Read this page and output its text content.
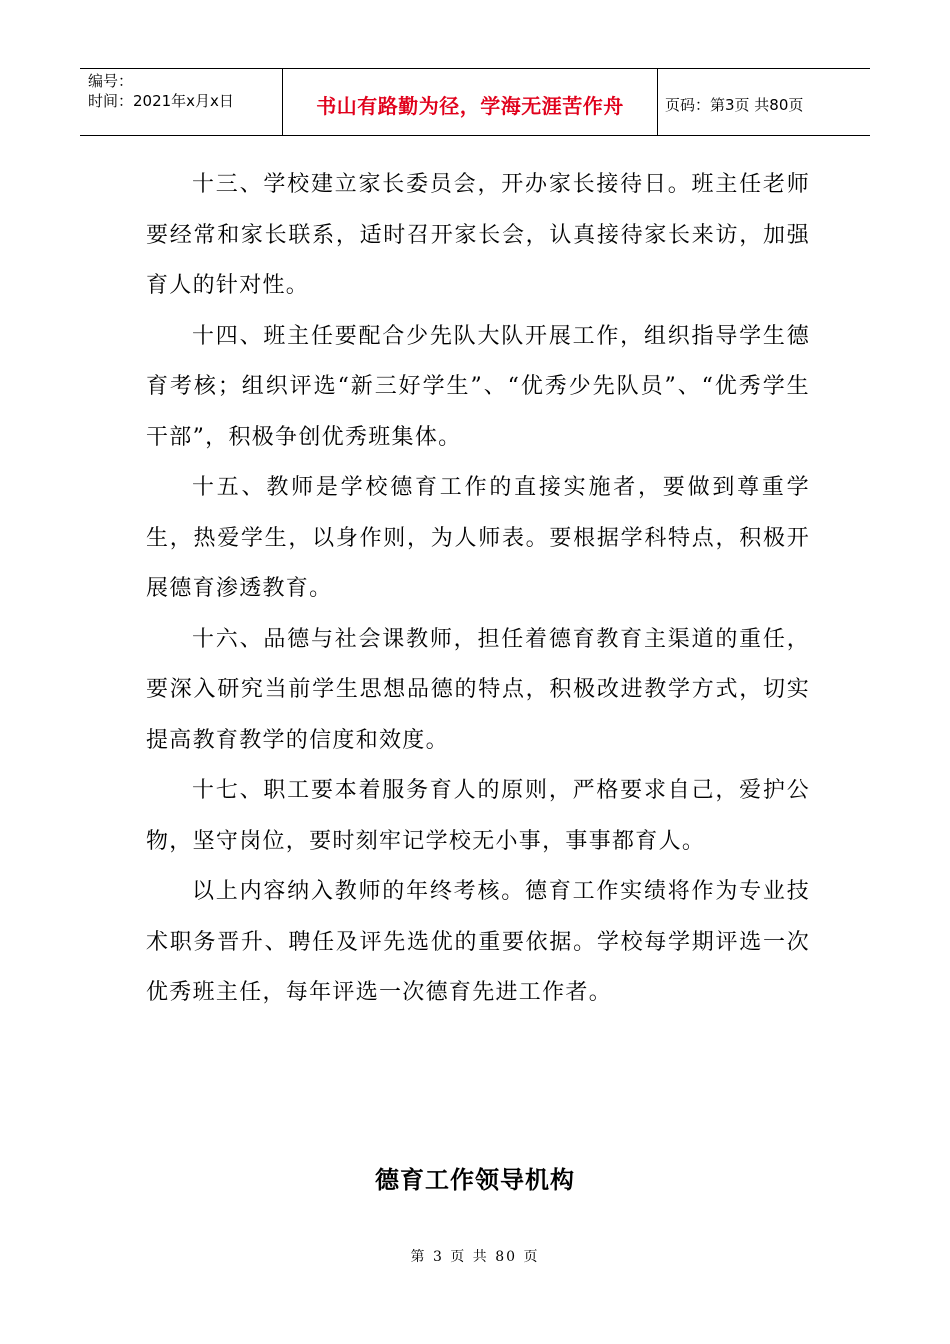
编号：
时间：2021年x月x日	书山有路勤为径，学海无涯苦作舟	页码：第3页 共80页

十三、学校建立家长委员会，开办家长接待日。班主任老师要经常和家长联系，适时召开家长会，认真接待家长来访，加强育人的针对性。

十四、班主任要配合少先队大队开展工作，组织指导学生德育考核；组织评选“新三好学生”、“优秀少先队员”、“优秀学生干部”，积极争创优秀班集体。

十五、教师是学校德育工作的直接实施者，要做到尊重学生，热爱学生，以身作则，为人师表。要根据学科特点，积极开展德育渗透教育。

十六、品德与社会课教师，担任着德育教育主渠道的重任，要深入研究当前学生思想品德的特点，积极改进教学方式，切实提高教育教学的信度和效度。

十七、职工要本着服务育人的原则，严格要求自己，爱护公物，坚守岗位，要时刻牢记学校无小事，事事都育人。

以上内容纳入教师的年终考核。德育工作实绩将作为专业技术职务晋升、聘任及评先选优的重要依据。学校每学期评选一次优秀班主任，每年评选一次德育先进工作者。

德育工作领导机构
第 3 页 共 80 页
